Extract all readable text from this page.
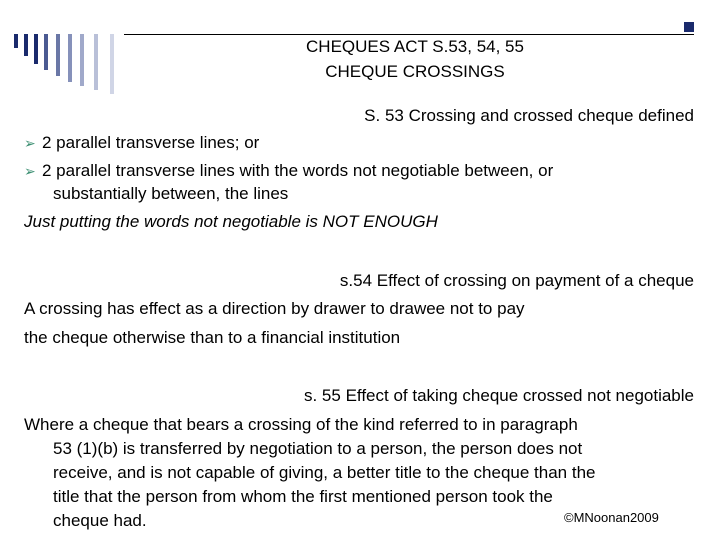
CHEQUES ACT S.53, 54, 55
CHEQUE CROSSINGS
S. 53 Crossing and crossed cheque defined
➢ 2 parallel transverse lines; or
➢ 2 parallel transverse lines with the words not negotiable between, or
substantially between, the lines
Just putting the words not negotiable is NOT ENOUGH
s.54 Effect of crossing on payment of a cheque
A crossing has effect as a direction by drawer to drawee not to pay
the cheque otherwise than to a financial institution
s. 55 Effect of taking cheque crossed not negotiable
Where a cheque that bears a crossing of the kind referred to in paragraph
53 (1)(b) is transferred by negotiation to a person, the person does not
receive, and is not capable of giving, a better title to the cheque than the
title that the person from whom the first mentioned person took the
cheque had.	©MNoonan2009
